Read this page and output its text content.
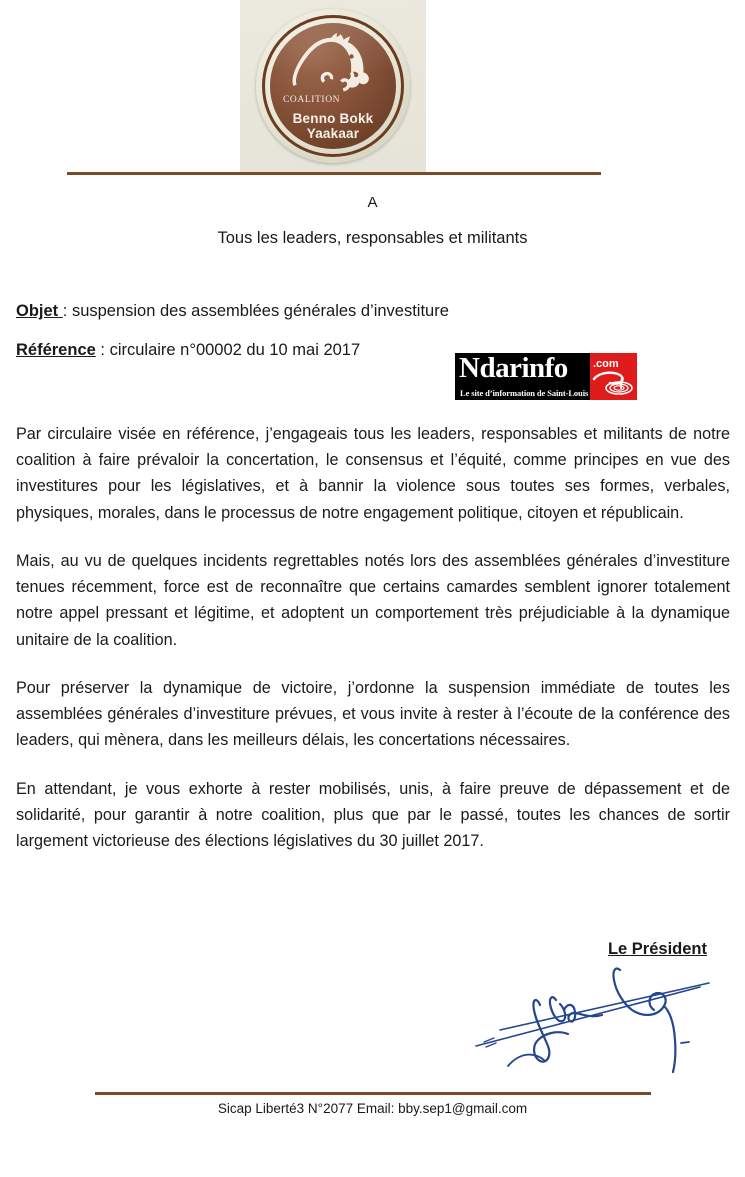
COALITION
Benno Bokk Yaakaar
A
Tous les leaders, responsables et militants
Objet : suspension des assemblées générales d’investiture
Référence : circulaire n°00002 du 10 mai 2017
Ndarinfo
Le site d’information de Saint-Louis
.com

Par circulaire visée en référence, j’engageais tous les leaders, responsables et militants de notre coalition à faire prévaloir la concertation, le consensus et l’équité, comme principes en vue des investitures pour les législatives, et à bannir la violence sous toutes ses formes, verbales, physiques, morales, dans le processus de notre engagement politique, citoyen et républicain.

Mais, au vu de quelques incidents regrettables notés lors des assemblées générales d’investiture tenues récemment, force est de reconnaître que certains camardes semblent ignorer totalement notre appel pressant et légitime, et adoptent un comportement très préjudiciable à la dynamique unitaire de la coalition.

Pour préserver la dynamique de victoire, j’ordonne la suspension immédiate de toutes les assemblées générales d’investiture prévues, et vous invite à rester à l’écoute de la conférence des leaders, qui mènera, dans les meilleurs délais, les concertations nécessaires.

En attendant, je vous exhorte à rester mobilisés, unis, à faire preuve de dépassement et de solidarité, pour garantir à notre coalition, plus que par le passé, toutes les chances de sortir largement victorieuse des élections législatives du 30 juillet 2017.

Le Président
Sicap Liberté3 N°2077 Email: bby.sep1@gmail.com
